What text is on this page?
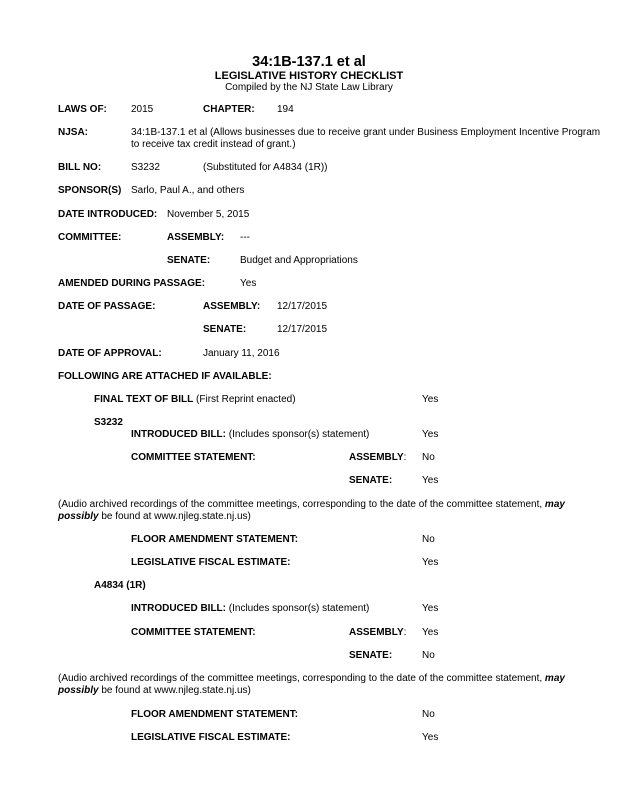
34:1B-137.1 et al
LEGISLATIVE HISTORY CHECKLIST
Compiled by the NJ State Law Library
LAWS OF: 2015	CHAPTER: 194
NJSA:	34:1B-137.1 et al (Allows businesses due to receive grant under Business Employment Incentive Program
to receive tax credit instead of grant.)
BILL NO:	S3232	(Substituted for A4834 (1R))
SPONSOR(S) Sarlo, Paul A., and others
DATE INTRODUCED: November 5, 2015
COMMITTEE:	ASSEMBLY: ---
SENATE:	Budget and Appropriations
AMENDED DURING PASSAGE:	Yes
DATE OF PASSAGE:	ASSEMBLY: 12/17/2015
SENATE:	12/17/2015
DATE OF APPROVAL:	January 11, 2016
FOLLOWING ARE ATTACHED IF AVAILABLE:
FINAL TEXT OF BILL (First Reprint enacted)	Yes
S3232
INTRODUCED BILL: (Includes sponsor(s) statement)	Yes
COMMITTEE STATEMENT:	ASSEMBLY: No
SENATE:	Yes
(Audio archived recordings of the committee meetings, corresponding to the date of the committee statement, may possibly be found at www.njleg.state.nj.us)
FLOOR AMENDMENT STATEMENT:	No
LEGISLATIVE FISCAL ESTIMATE:	Yes
A4834 (1R)
INTRODUCED BILL: (Includes sponsor(s) statement)	Yes
COMMITTEE STATEMENT:	ASSEMBLY: Yes
SENATE:	No
(Audio archived recordings of the committee meetings, corresponding to the date of the committee statement, may possibly be found at www.njleg.state.nj.us)
FLOOR AMENDMENT STATEMENT:	No
LEGISLATIVE FISCAL ESTIMATE:	Yes
